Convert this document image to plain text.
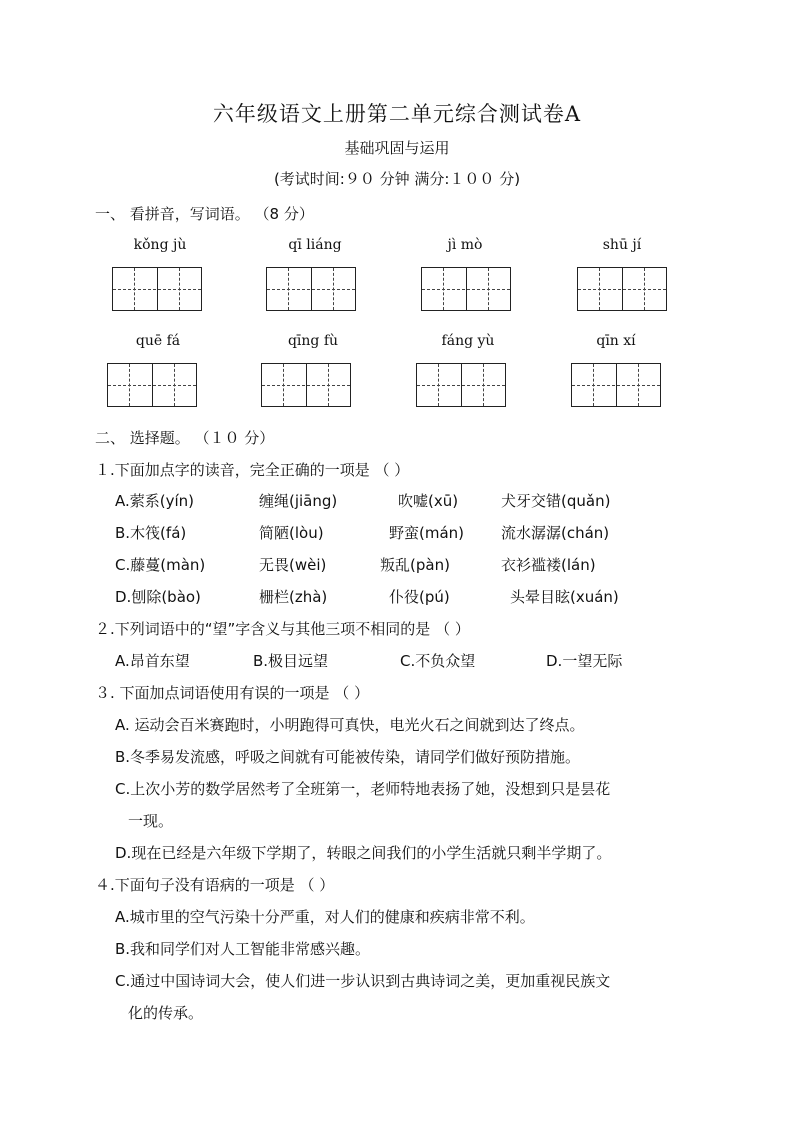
六年级语文上册第二单元综合测试卷A
基础巩固与运用
(考试时间:９０ 分钟 满分:１００ 分)
一、 看拼音，写词语。 （8 分）
kǒng jù	qī liáng	jì mò	shū jí
quē fá	qīng fù	fáng yù	qīn xí
二、 选择题。 （１０ 分）
１.下面加点字的读音，完全正确的一项是 （ ）
A.萦系(yín)	缠绳(jiāng)	吹嘘(xū)	犬牙交错(quǎn)
B.木筏(fá)	简陋(lòu)	野蛮(mán) 流水潺潺(chán)
C.藤蔓(màn)	无畏(wèi)	叛乱(pàn)	衣衫褴褛(lán)
D.刨除(bào)	栅栏(zhà)	仆役(pú)	头晕目眩(xuán)
２.下列词语中的“望”字含义与其他三项不相同的是 （ ）
A.昂首东望	B.极目远望	C.不负众望	D.一望无际
３. 下面加点词语使用有误的一项是 （ ）
A. 运动会百米赛跑时，小明跑得可真快，电光火石之间就到达了终点。
B.冬季易发流感，呼吸之间就有可能被传染，请同学们做好预防措施。
C.上次小芳的数学居然考了全班第一，老师特地表扬了她，没想到只是昙花
一现。
D.现在已经是六年级下学期了，转眼之间我们的小学生活就只剩半学期了。
４.下面句子没有语病的一项是 （ ）
A.城市里的空气污染十分严重，对人们的健康和疾病非常不利。
B.我和同学们对人工智能非常感兴趣。
C.通过中国诗词大会，使人们进一步认识到古典诗词之美，更加重视民族文
化的传承。
